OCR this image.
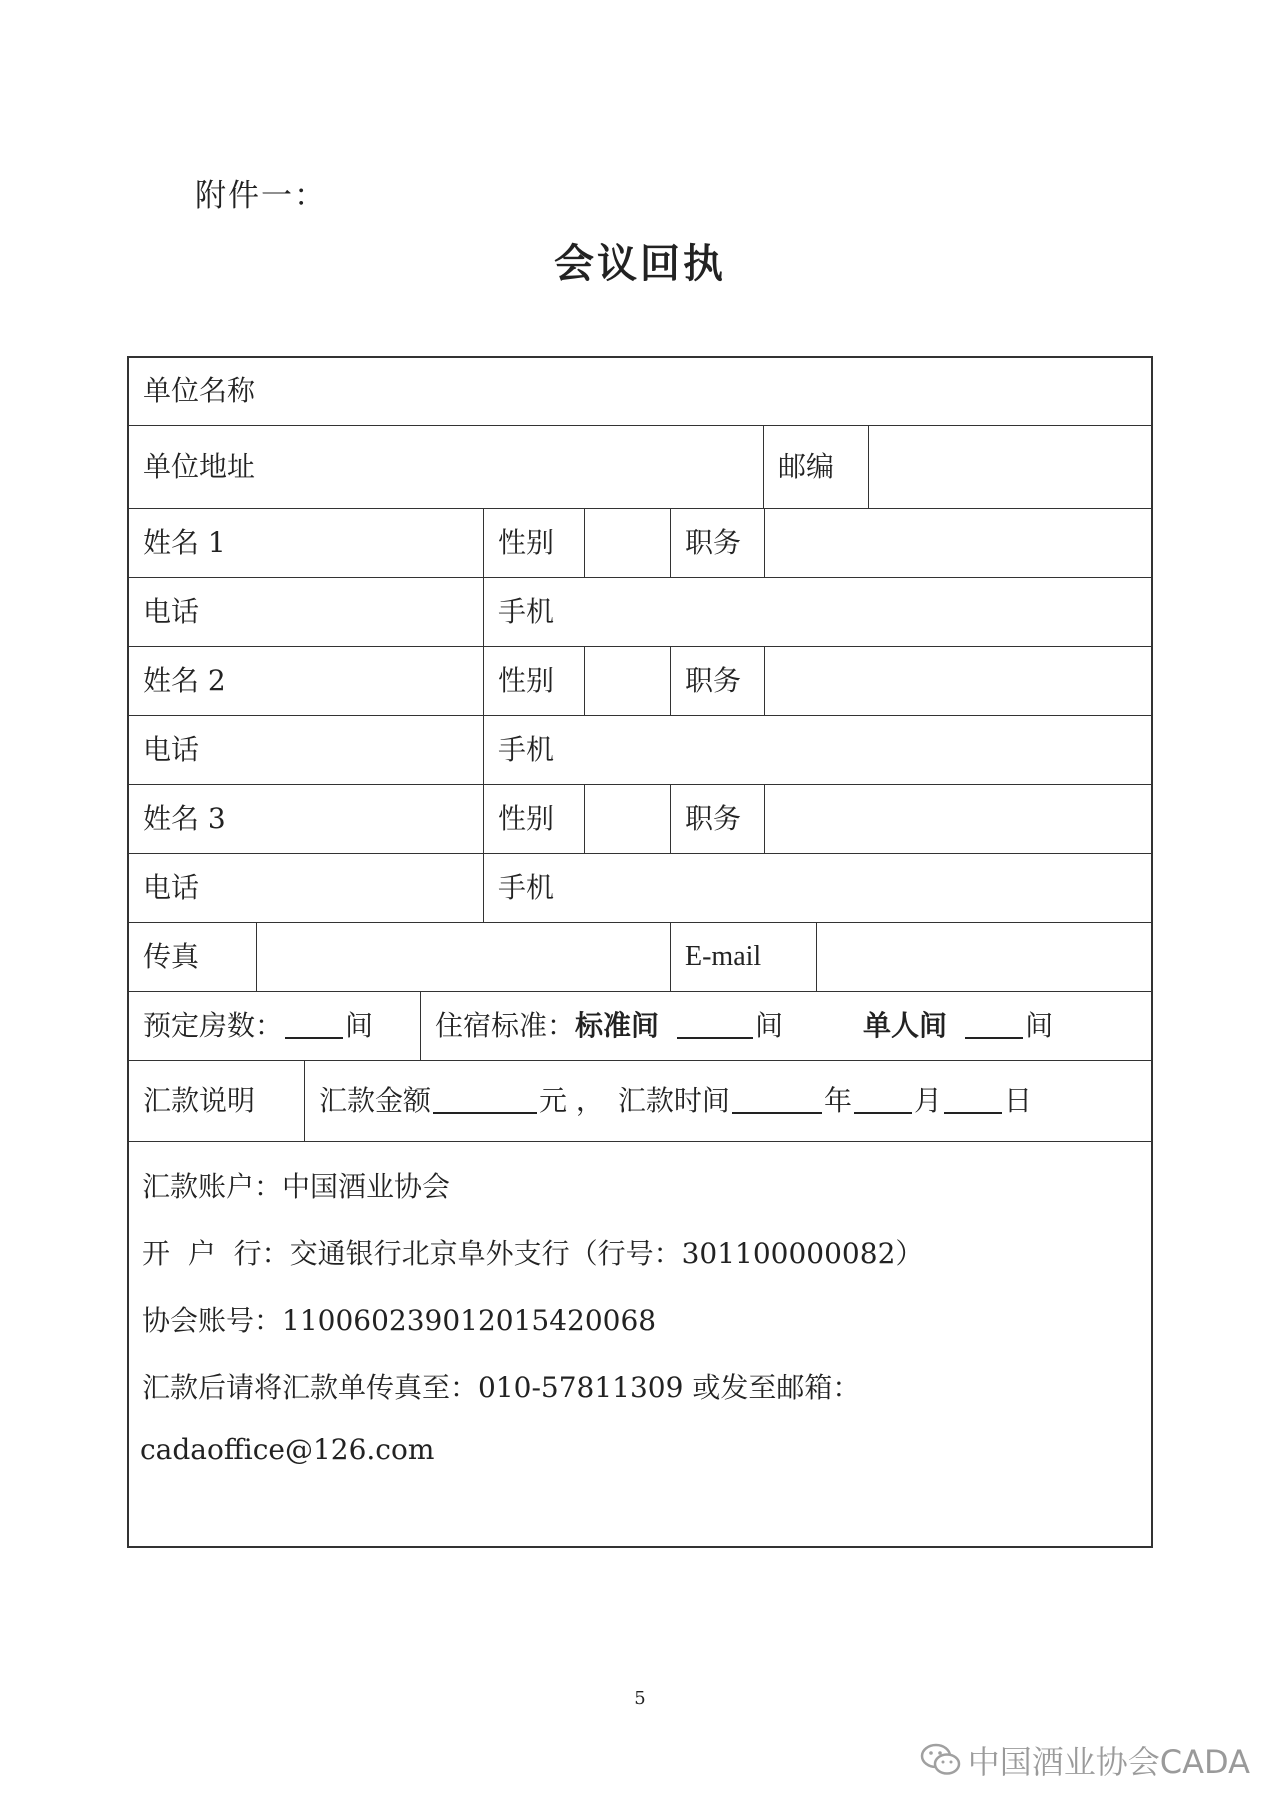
附件一：
会议回执
单位名称
单位地址	邮编
姓名 1	性别	职务
电话	手机
姓名 2	性别	职务
电话	手机
姓名 3	性别	职务
电话	手机
传真	E-mail
预定房数： 间 住宿标准： 标准间	间	单人间	间
汇款说明	汇款金额	元 ， 汇款时间	年 月 日
汇款账户：中国酒业协会
开  户  行：交通银行北京阜外支行（行号：301100000082）
协会账号：110060239012015420068
汇款后请将汇款单传真至：010-57811309 或发至邮箱：
cadaoffice@126.com
5
中国酒业协会CADA
